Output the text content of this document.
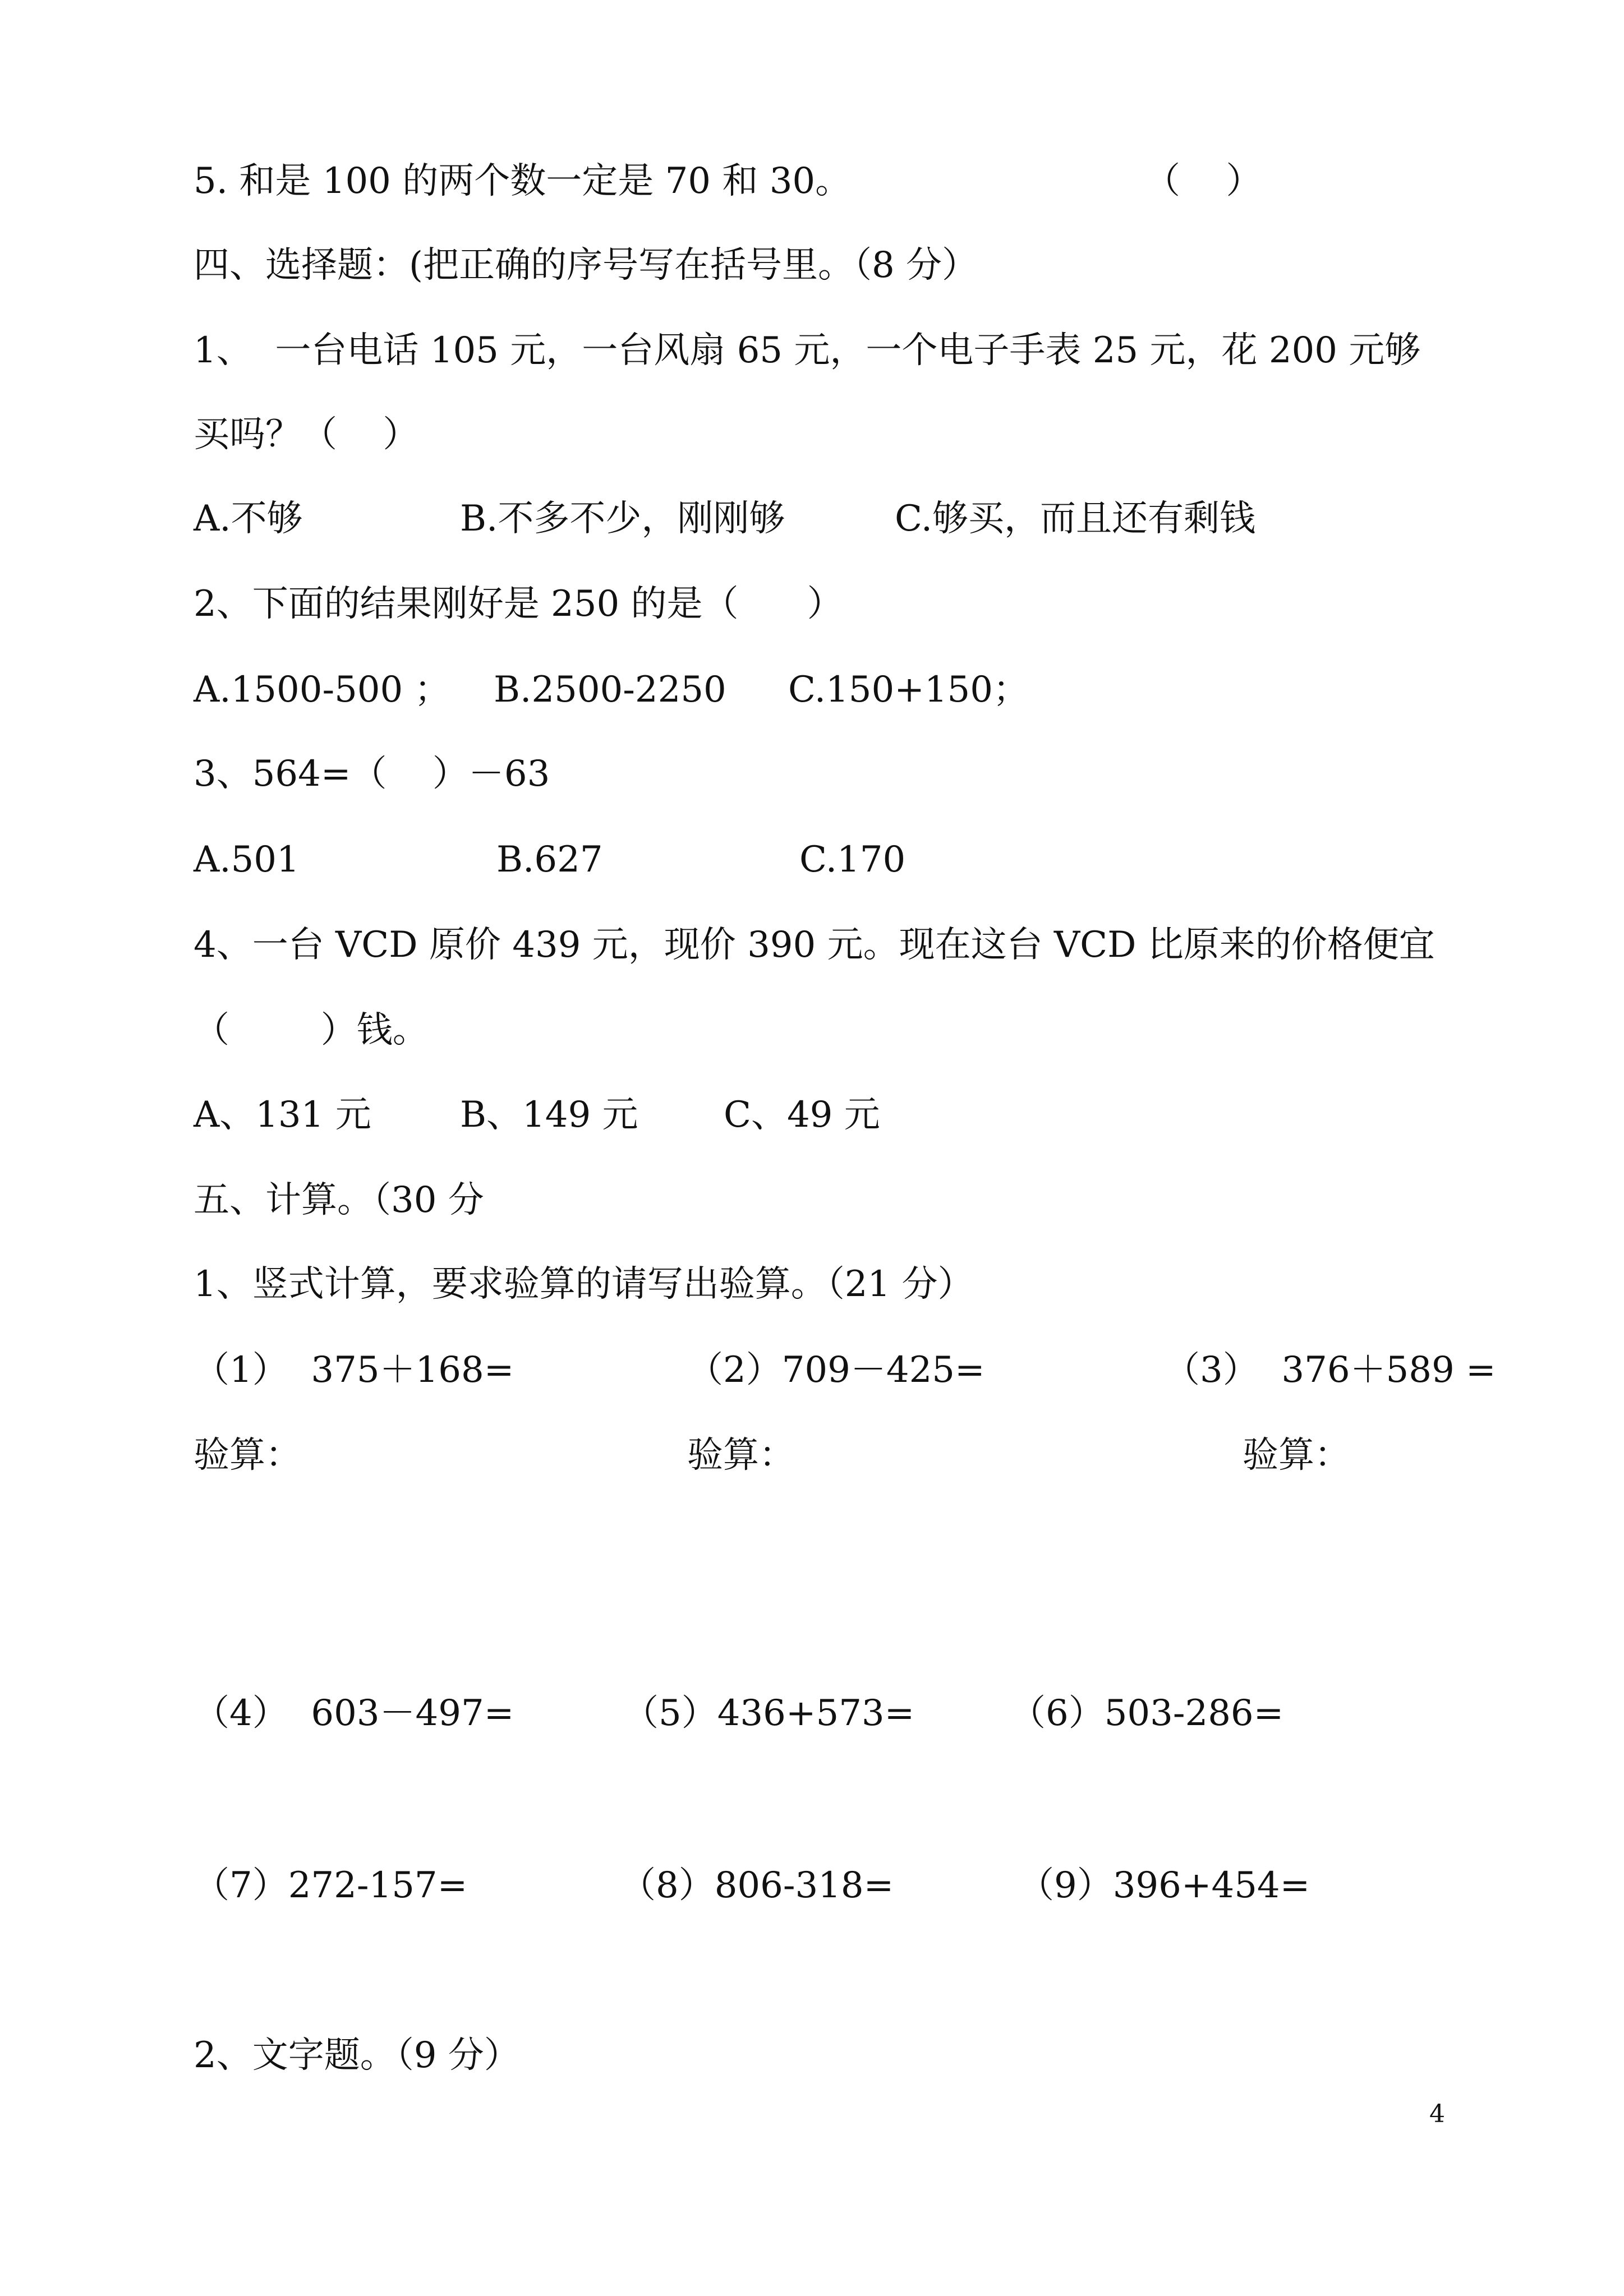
5. 和是 100 的两个数一定是 70 和 30。	（    ）
四、选择题：(把正确的序号写在括号里。（8 分）
1、  一台电话 105 元，一台风扇 65 元，一个电子手表 25 元，花 200 元够
买吗？（    ）
A.不够	B.不多不少，刚刚够	C.够买，而且还有剩钱
2、下面的结果刚好是 250 的是（      ）
A.1500-500 ； B.2500-2250 C.150+150；
3、564=（    ）－63
A.501	B.627	C.170
4、一台 VCD 原价 439 元，现价 390 元。现在这台 VCD 比原来的价格便宜
（        ）钱。
A、131 元 B、149 元 C、49 元
五、计算。（30 分
1、竖式计算，要求验算的请写出验算。（21 分）
（1）  375＋168=	（2）709－425=	（3）  376＋589 =
验算：	验算：	验算：
（4）  603－497=	（5）436+573=	（6）503-286=
（7）272-157=	（8）806-318=	（9）396+454=
2、文字题。（9 分）
4
